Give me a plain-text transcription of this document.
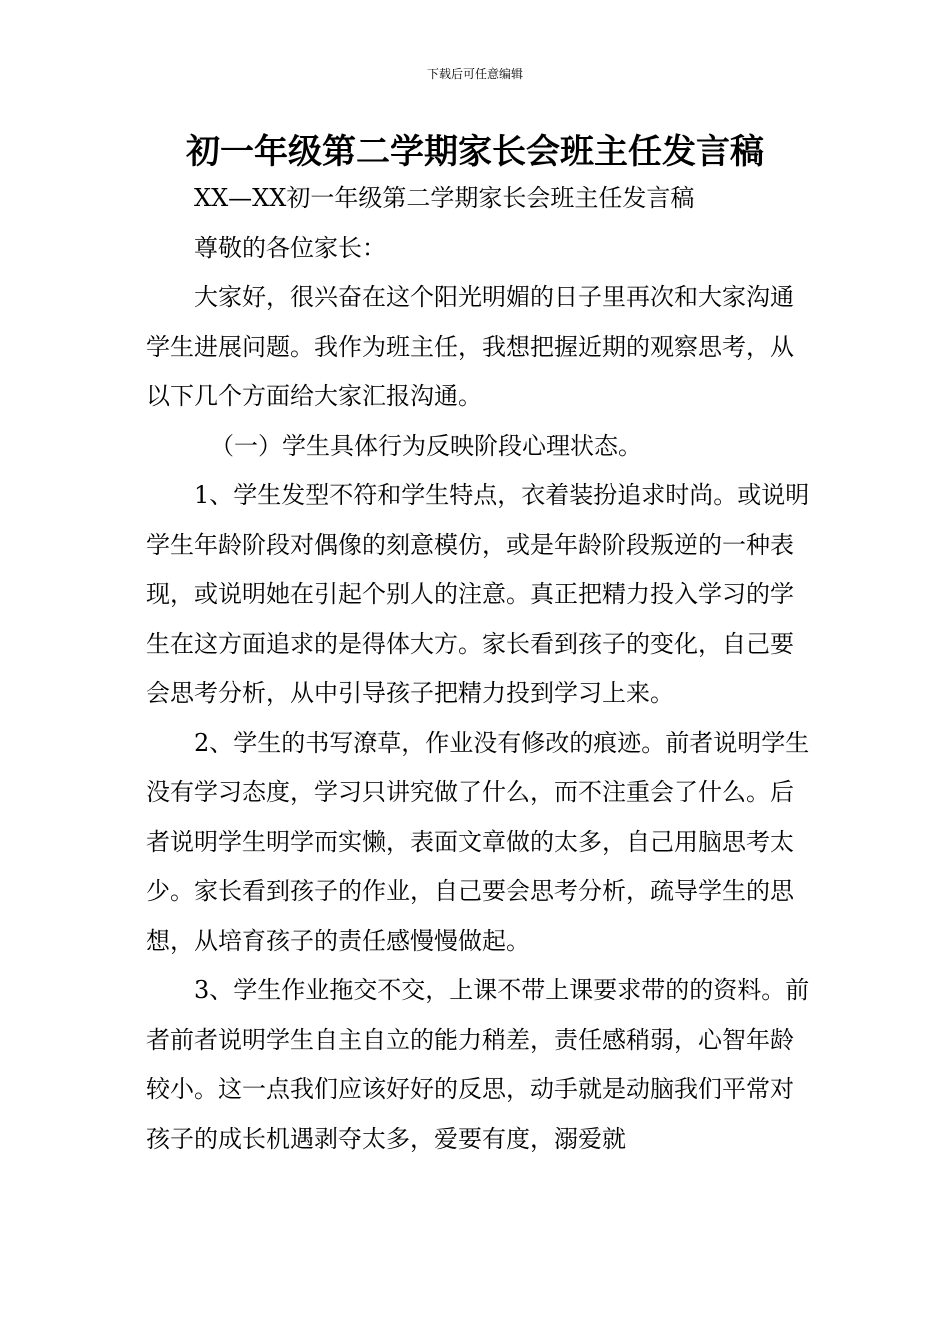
下载后可任意编辑
初一年级第二学期家长会班主任发言稿

XX—XX初一年级第二学期家长会班主任发言稿

尊敬的各位家长：

大家好，很兴奋在这个阳光明媚的日子里再次和大家沟通学生进展问题。我作为班主任，我想把握近期的观察思考，从以下几个方面给大家汇报沟通。

（一）学生具体行为反映阶段心理状态。

1、学生发型不符和学生特点，衣着装扮追求时尚。或说明学生年龄阶段对偶像的刻意模仿，或是年龄阶段叛逆的一种表现，或说明她在引起个别人的注意。真正把精力投入学习的学生在这方面追求的是得体大方。家长看到孩子的变化，自己要会思考分析，从中引导孩子把精力投到学习上来。

2、学生的书写潦草，作业没有修改的痕迹。前者说明学生没有学习态度，学习只讲究做了什么，而不注重会了什么。后者说明学生明学而实懒，表面文章做的太多，自己用脑思考太少。家长看到孩子的作业，自己要会思考分析，疏导学生的思想，从培育孩子的责任感慢慢做起。

3、学生作业拖交不交，上课不带上课要求带的的资料。前者前者说明学生自主自立的能力稍差，责任感稍弱，心智年龄较小。这一点我们应该好好的反思，动手就是动脑我们平常对孩子的成长机遇剥夺太多，爱要有度，溺爱就
